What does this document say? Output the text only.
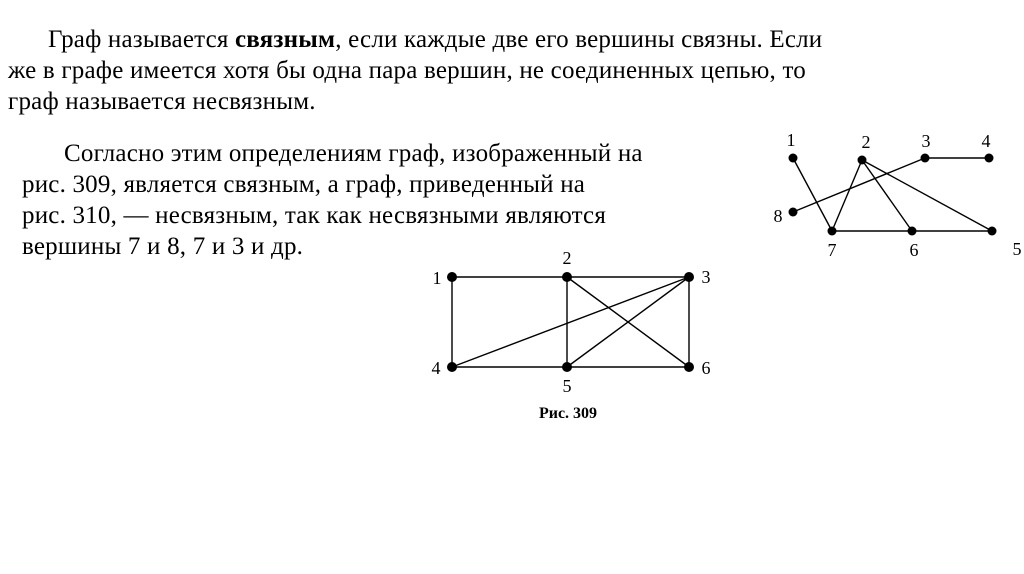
Граф называется связным, если каждые две его вершины связны. Если
же в графе имеется хотя бы одна пара вершин, не соединенных цепью, то
граф называется несвязным.
Согласно этим определениям граф, изображенный на
рис. 309, является связным, а граф, приведенный на
рис. 310, — несвязным, так как несвязными являются
вершины 7 и 8, 7 и 3 и др.
1
2
3
4
5
6
Рис. 309
1	2	3	4
5
6
7
8
